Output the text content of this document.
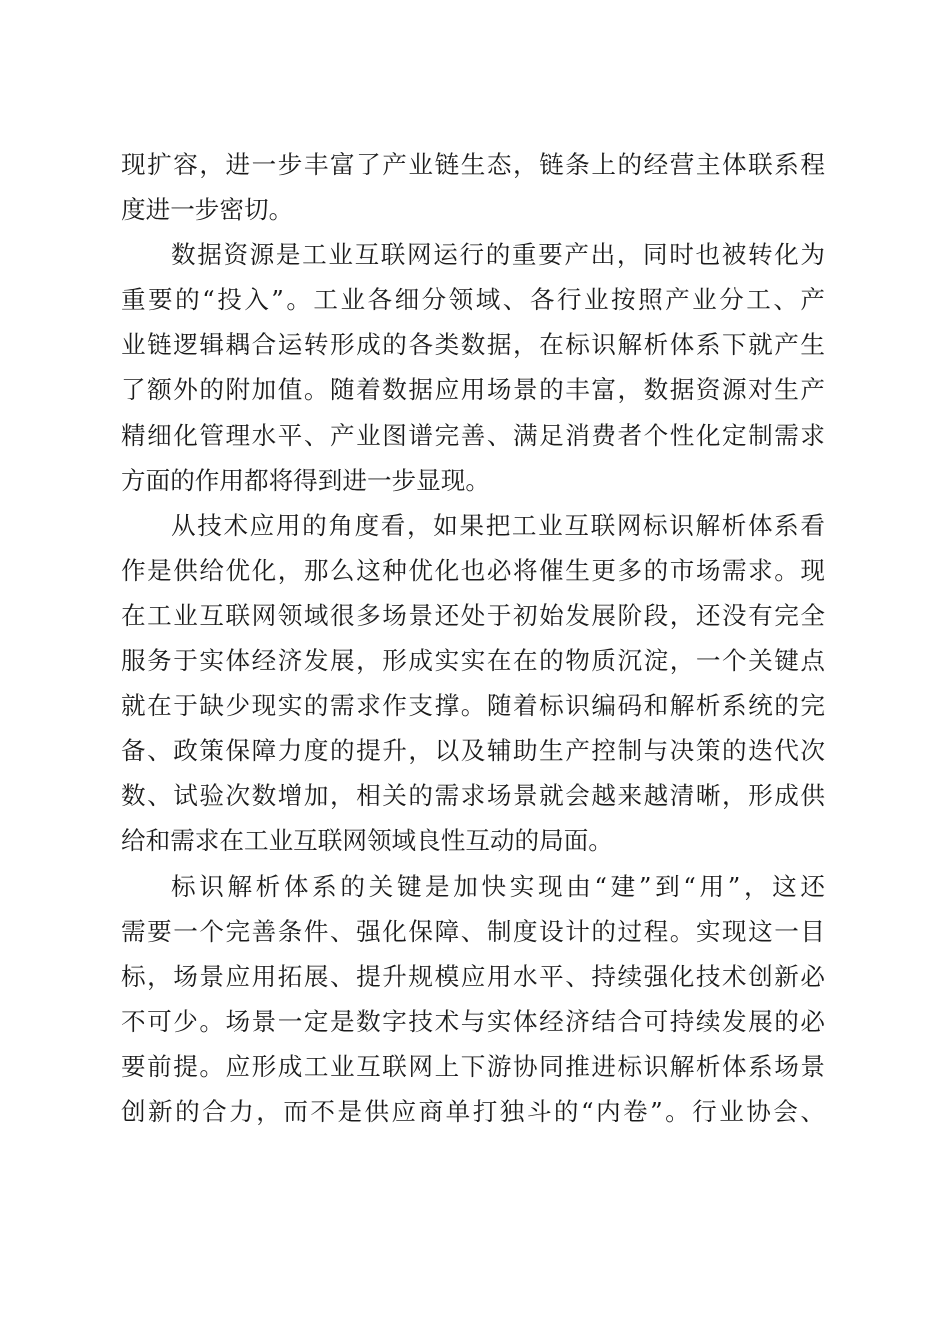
现扩容，进一步丰富了产业链生态，链条上的经营主体联系程
度进一步密切。
数据资源是工业互联网运行的重要产出，同时也被转化为
重要的“投入”。工业各细分领域、各行业按照产业分工、产
业链逻辑耦合运转形成的各类数据，在标识解析体系下就产生
了额外的附加值。随着数据应用场景的丰富，数据资源对生产
精细化管理水平、产业图谱完善、满足消费者个性化定制需求
方面的作用都将得到进一步显现。
从技术应用的角度看，如果把工业互联网标识解析体系看
作是供给优化，那么这种优化也必将催生更多的市场需求。现
在工业互联网领域很多场景还处于初始发展阶段，还没有完全
服务于实体经济发展，形成实实在在的物质沉淀，一个关键点
就在于缺少现实的需求作支撑。随着标识编码和解析系统的完
备、政策保障力度的提升，以及辅助生产控制与决策的迭代次
数、试验次数增加，相关的需求场景就会越来越清晰，形成供
给和需求在工业互联网领域良性互动的局面。
标识解析体系的关键是加快实现由“建”到“用”，这还
需要一个完善条件、强化保障、制度设计的过程。实现这一目
标，场景应用拓展、提升规模应用水平、持续强化技术创新必
不可少。场景一定是数字技术与实体经济结合可持续发展的必
要前提。应形成工业互联网上下游协同推进标识解析体系场景
创新的合力，而不是供应商单打独斗的“内卷”。行业协会、
